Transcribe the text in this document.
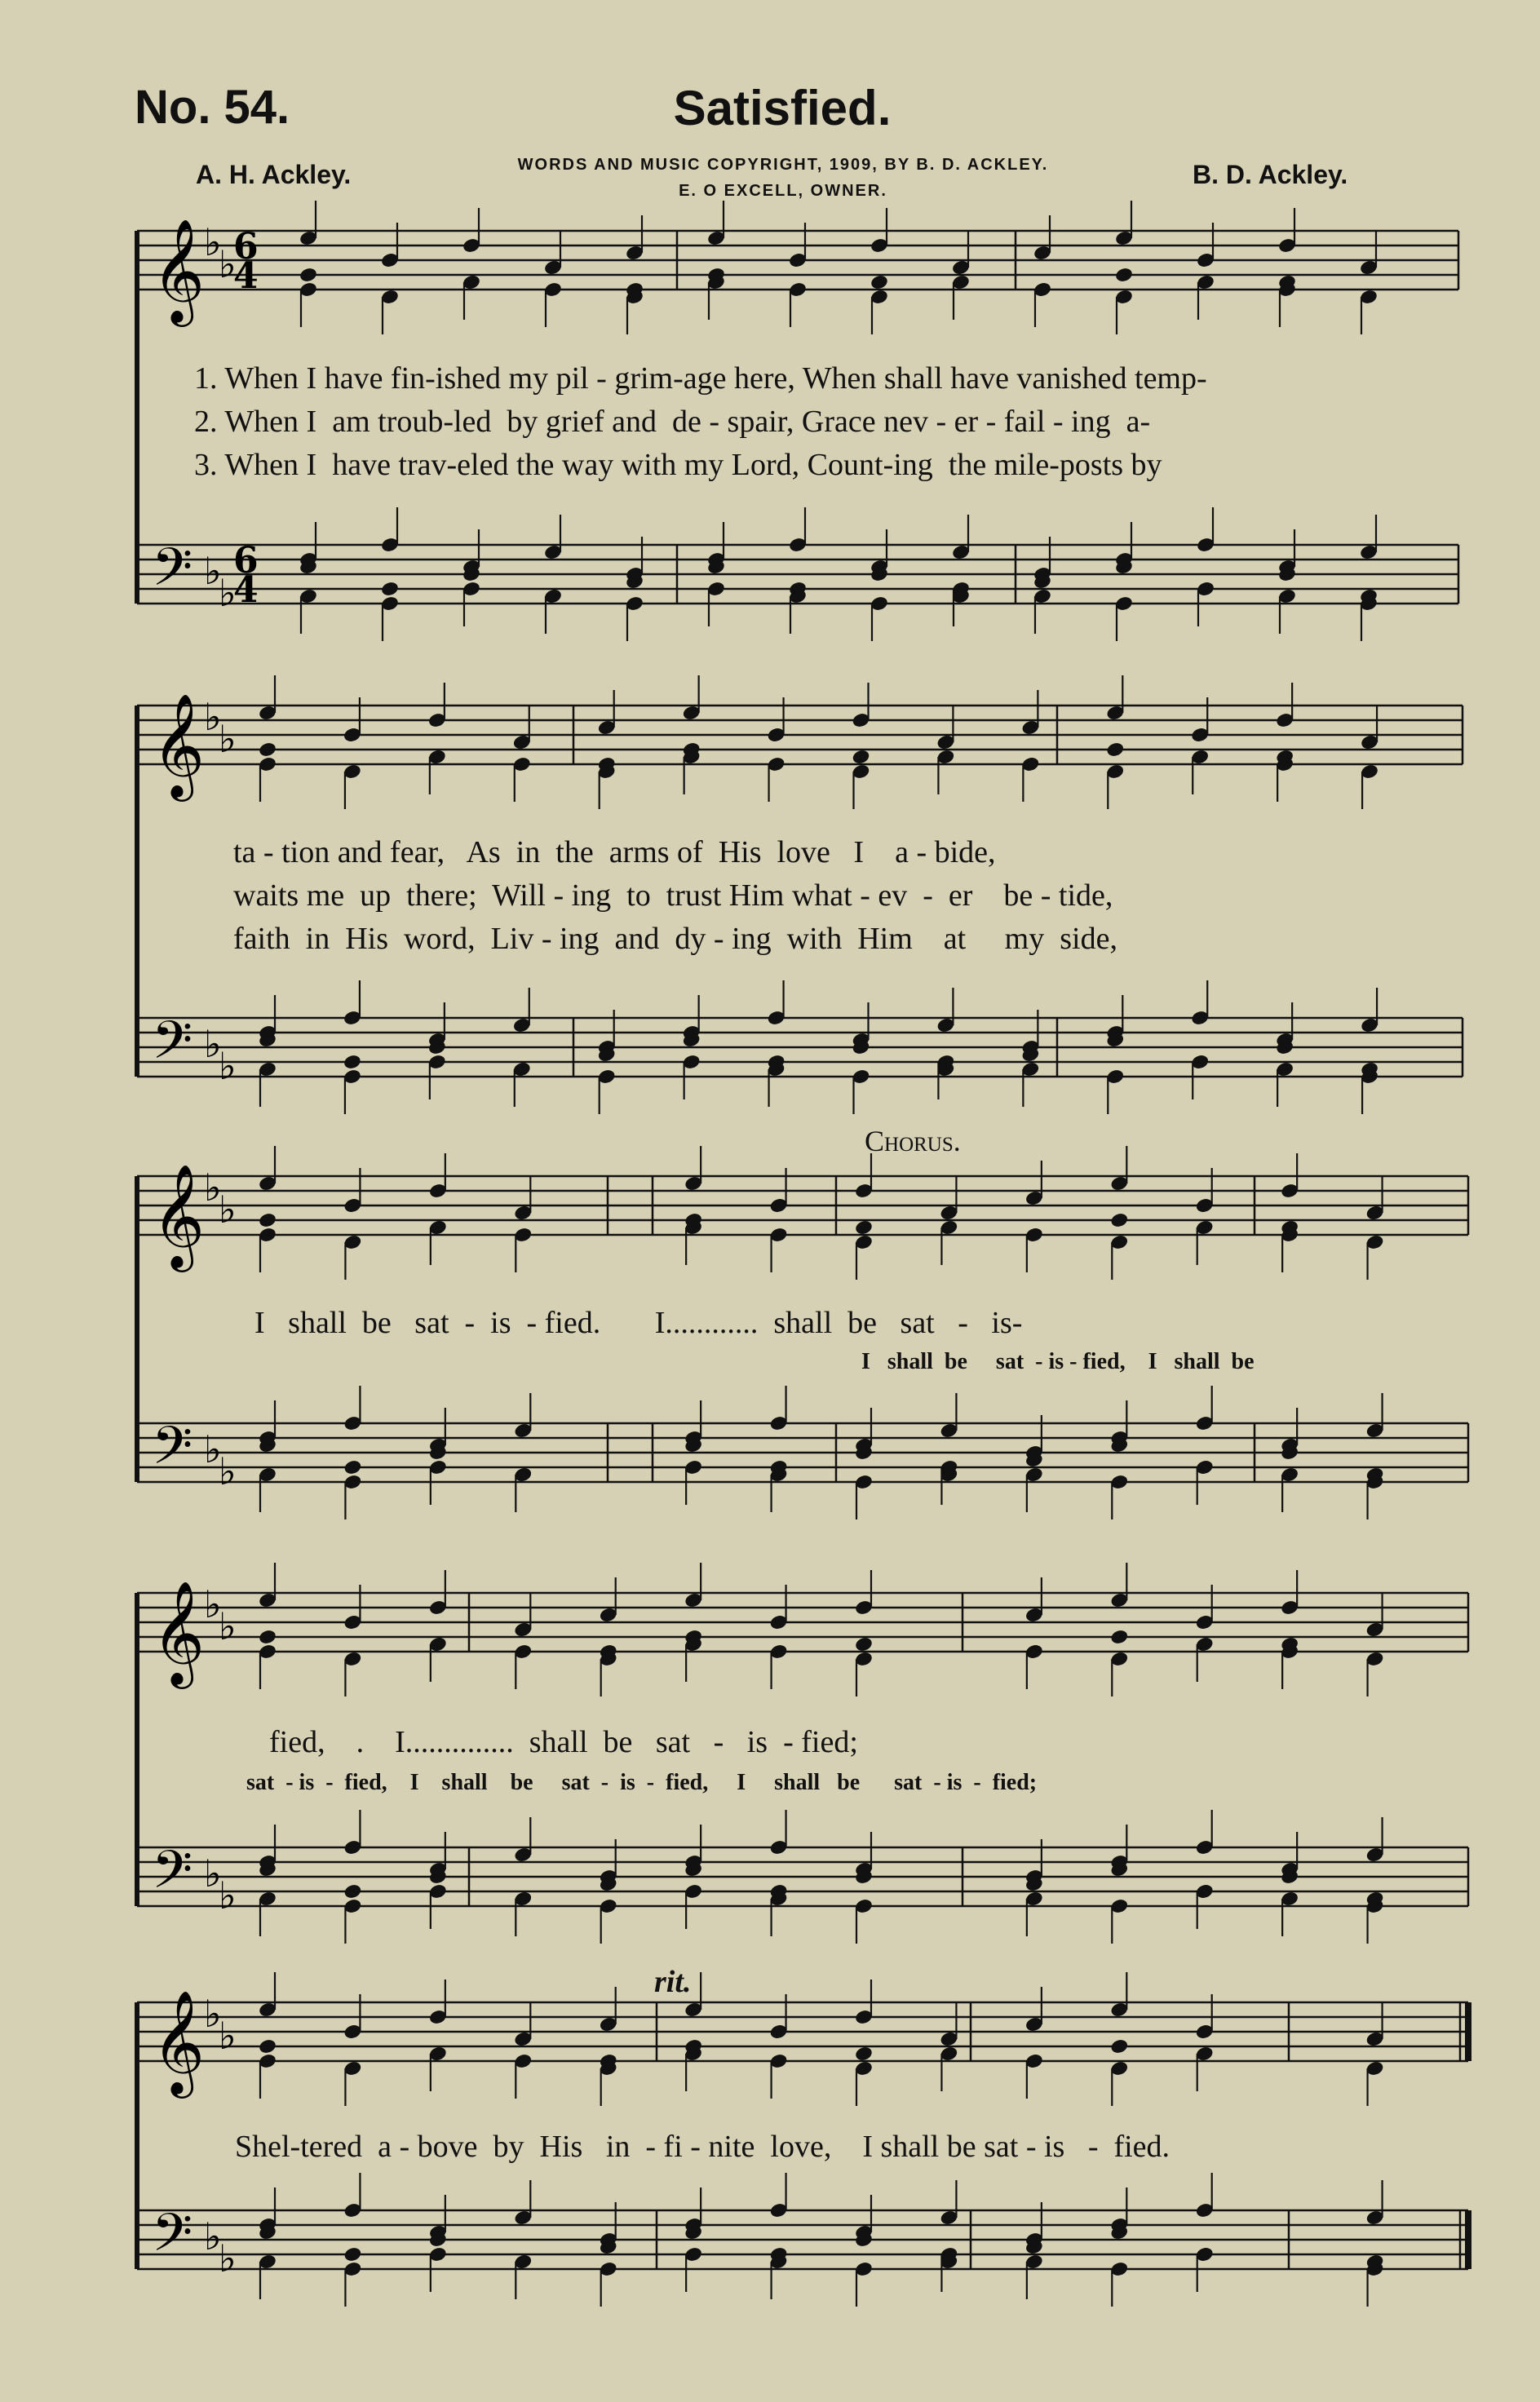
No. 54.	Satisfied.
A. H. Ackley.	B. D. Ackley.
WORDS AND MUSIC COPYRIGHT, 1909, BY B. D. ACKLEY.
E. O EXCELL, OWNER.
𝄞
𝄢
♭
♭
♭
♭
6
4
6
4
𝄞
𝄢
♭
♭
♭
♭
𝄞
𝄢
♭
♭
♭
♭
𝄞
𝄢
♭
♭
♭
♭
𝄞
𝄢
♭
♭
♭
♭
1. When I have fin-ished my pil - grim-age here, When shall have vanished temp-
2. When I  am troub-led  by grief and  de - spair, Grace nev - er - fail - ing  a-
3. When I  have trav-eled the way with my Lord, Count-ing  the mile-posts by
ta - tion and fear,   As  in  the  arms of  His  love   I    a - bide,
waits me  up  there;  Will - ing  to  trust Him what - ev  -  er    be - tide,
faith  in  His  word,  Liv - ing  and  dy - ing  with  Him    at     my  side,
Chorus.
I   shall  be   sat  -  is  - fied.       I............  shall  be   sat   -   is-
I   shall  be     sat  - is - fied,    I   shall  be
fied,    .    I..............  shall  be   sat   -   is  - fied;
sat  - is  -  fied,    I    shall    be     sat  -  is  -  fied,     I     shall   be      sat  - is  -  fied;
rit.
Shel-tered  a - bove  by  His   in  - fi - nite  love,    I shall be sat - is   -  fied.
